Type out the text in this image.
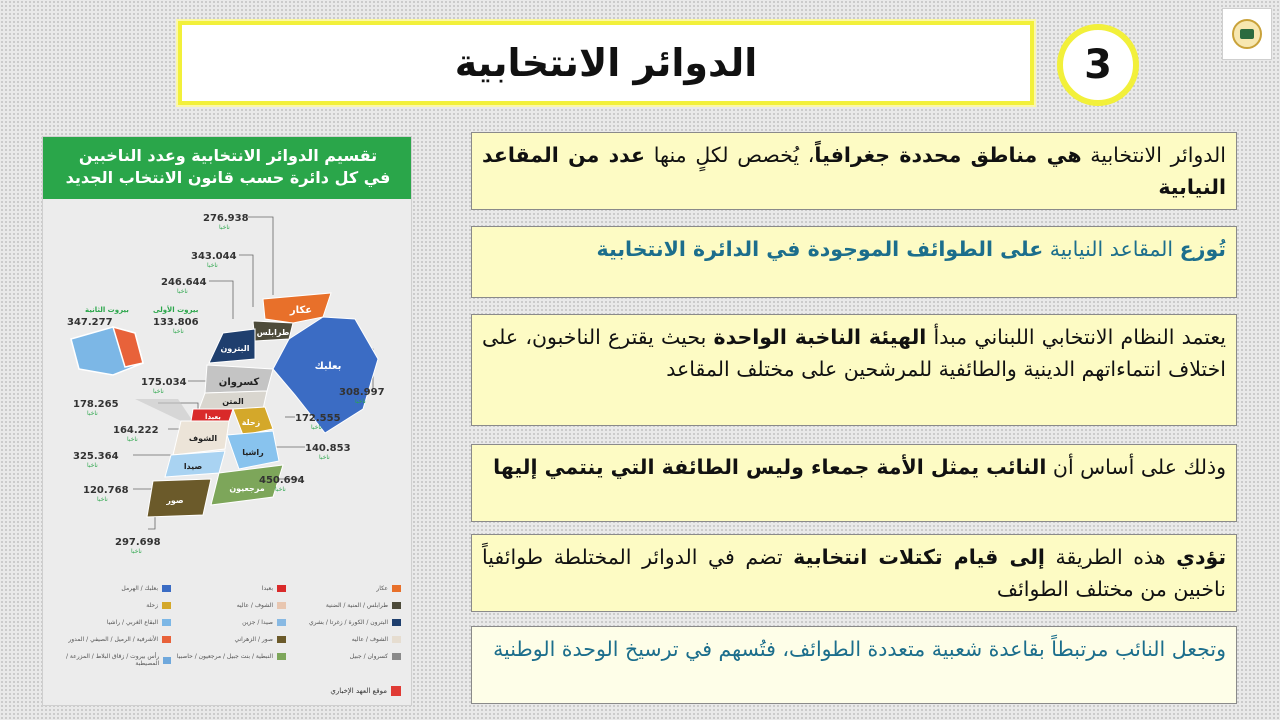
الدوائر الانتخابية	3
تقسيم الدوائر الانتخابية وعدد الناخبين
في كل دائرة حسب قانون الانتخاب الجديد
عكار
طرابلس
البترون
بعلبك
كسروان
المتن
بعبدا
زحلة
الشوف
راشيا
صيدا
مرجعيون
صور
276.938
343.044
246.644
بيروت الثانية
347.277
بيروت الأولى
133.806
175.034
178.265
164.222
325.364
120.768
297.698
308.997
172.555
140.853
450.694
ناخبا
ناخبا
ناخبا
ناخبا
ناخبا
ناخبا
ناخبا
ناخبا
ناخبا
ناخبا
ناخبا
ناخبا
ناخبا
ناخبا
عكار
طرابلس / المنية / الضنية
البترون / الكورة / زغرتا / بشري
الشوف / عاليه
كسروان / جبيل
بعبدا
الشوف / عاليه
صيدا / جزين
صور / الزهراني
النبطية / بنت جبيل / مرجعيون / حاصبيا
بعلبك / الهرمل
زحلة
البقاع الغربي / راشيا
الأشرفية / الرميل / الصيفي / المدور
رأس بيروت / زقاق البلاط / المزرعة / المصيطبة
موقع العهد الإخباري
الدوائر الانتخابية هي مناطق محددة جغرافياً، يُخصص لكلٍ منها عدد من المقاعد النيابية
تُوزع المقاعد النيابية على الطوائف الموجودة في الدائرة الانتخابية
يعتمد النظام الانتخابي اللبناني مبدأ الهيئة الناخبة الواحدة بحيث يقترع الناخبون، على اختلاف انتماءاتهم الدينية والطائفية للمرشحين على مختلف المقاعد
وذلك على أساس أن النائب يمثل الأمة جمعاء وليس الطائفة التي ينتمي إليها
تؤدي هذه الطريقة إلى قيام تكتلات انتخابية تضم في الدوائر المختلطة طوائفياً ناخبين من مختلف الطوائف
وتجعل النائب مرتبطاً بقاعدة شعبية متعددة الطوائف، فتُسهم في ترسيخ الوحدة الوطنية
